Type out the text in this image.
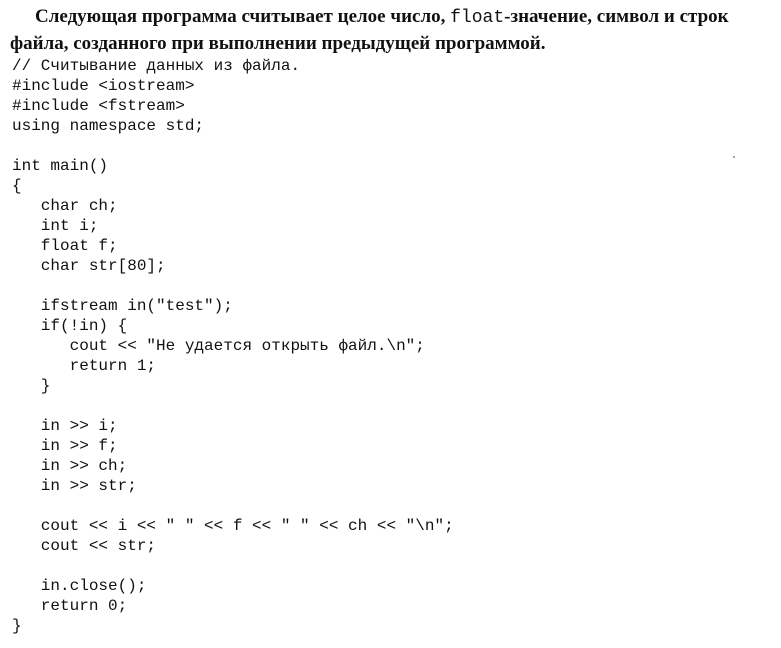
Следующая программа считывает целое число, float-значение, символ и строк
файла, созданного при выполнении предыдущей программой.
// Считывание данных из файла.
#include <iostream>
#include <fstream>
using namespace std;
int main()
{
char ch;
int i;
float f;
char str[80];
ifstream in("test");
if(!in) {
cout << "Не удается открыть файл.\n";
return 1;
}
in >> i;
in >> f;
in >> ch;
in >> str;
cout << i << " " << f << " " << ch << "\n";
cout << str;
in.close();
return 0;
}
